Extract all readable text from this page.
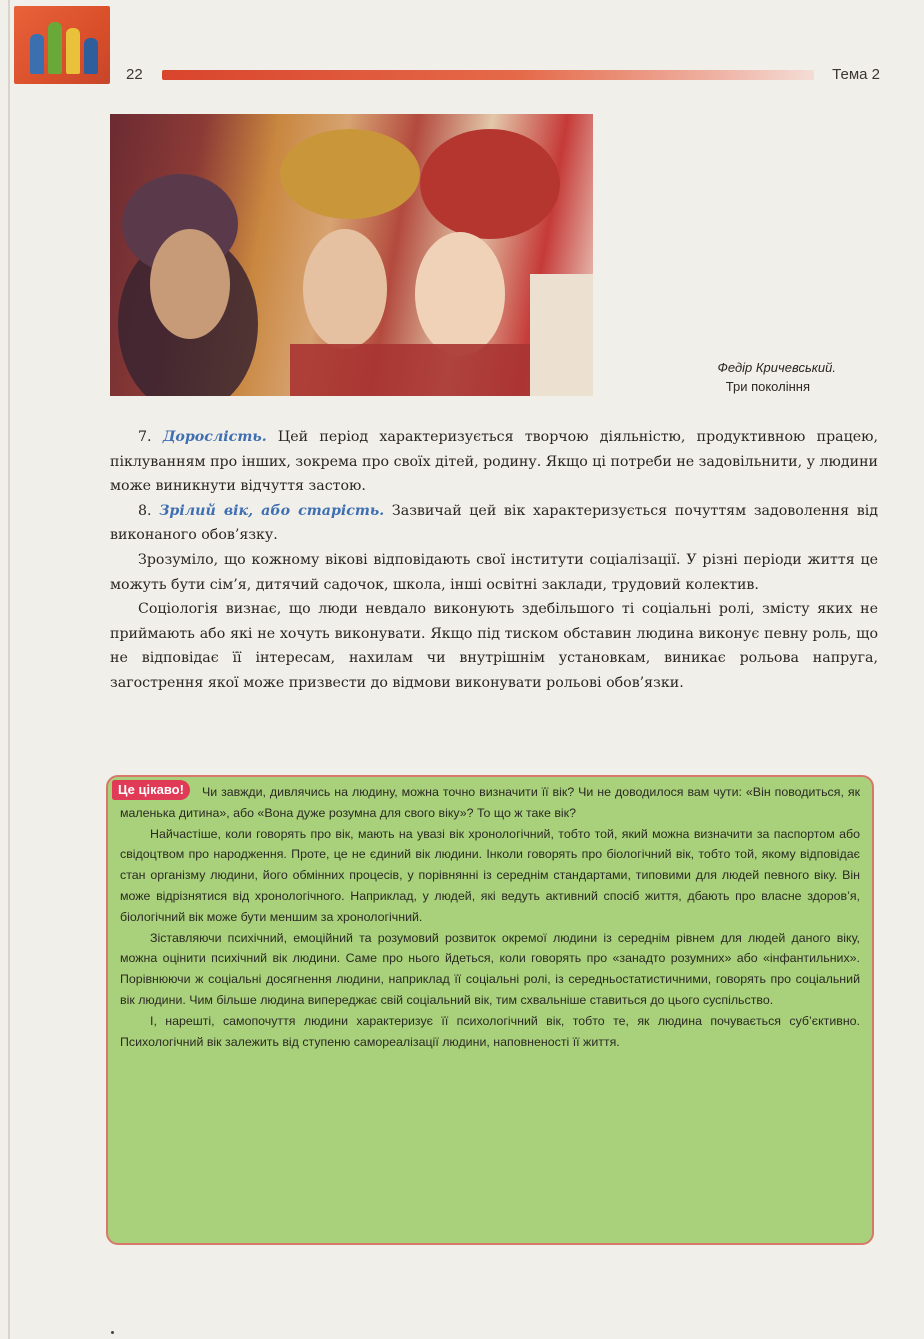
22	Тема 2
Федір Кричевський.

Три покоління

7. Дорослість. Цей період характеризується творчою діяльністю, продуктивною працею, піклуванням про інших, зокрема про своїх дітей, родину. Якщо ці потреби не задовільнити, у людини може виникнути відчуття застою.

8. Зрілий вік, або старість. Зазвичай цей вік характеризується почуттям задоволення від виконаного обов’язку.

Зрозуміло, що кожному вікові відповідають свої інститути соціалізації. У різні періоди життя це можуть бути сім’я, дитячий садочок, школа, інші освітні заклади, трудовий колектив.

Соціологія визнає, що люди невдало виконують здебільшого ті соціальні ролі, змісту яких не приймають або які не хочуть виконувати. Якщо під тиском обставин людина виконує певну роль, що не відповідає її інтересам, нахилам чи внутрішнім установкам, виникає рольова напруга, загострення якої може призвести до відмови виконувати рольові обов’язки.

Це цікаво! Чи завжди, дивлячись на людину, можна точно визначити її вік? Чи не доводилося вам чути: «Він поводиться, як маленька дитина», або «Вона дуже розумна для свого віку»? То що ж таке вік?

Найчастіше, коли говорять про вік, мають на увазі вік хронологічний, тобто той, який можна визначити за паспортом або свідоцтвом про народження. Проте, це не єдиний вік людини. Інколи говорять про біологічний вік, тобто той, якому відповідає стан організму людини, його обмінних процесів, у порівнянні із середнім стандартами, типовими для людей певного віку. Він може відрізнятися від хронологічного. Наприклад, у людей, які ведуть активний спосіб життя, дбають про власне здоров’я, біологічний вік може бути меншим за хронологічний.

Зіставляючи психічний, емоційний та розумовий розвиток окремої людини із середнім рівнем для людей даного віку, можна оцінити психічний вік людини. Саме про нього йдеться, коли говорять про «занадто розумних» або «інфантильних». Порівнюючи ж соціальні досягнення людини, наприклад її соціальні ролі, із середньостатистичними, говорять про соціальний вік людини. Чим більше людина випереджає свій соціальний вік, тим схвальніше ставиться до цього суспільство.

І, нарешті, самопочуття людини характеризує її психологічний вік, тобто те, як людина почувається суб’єктивно. Психологічний вік залежить від ступеню самореалізації людини, наповненості її життя.
